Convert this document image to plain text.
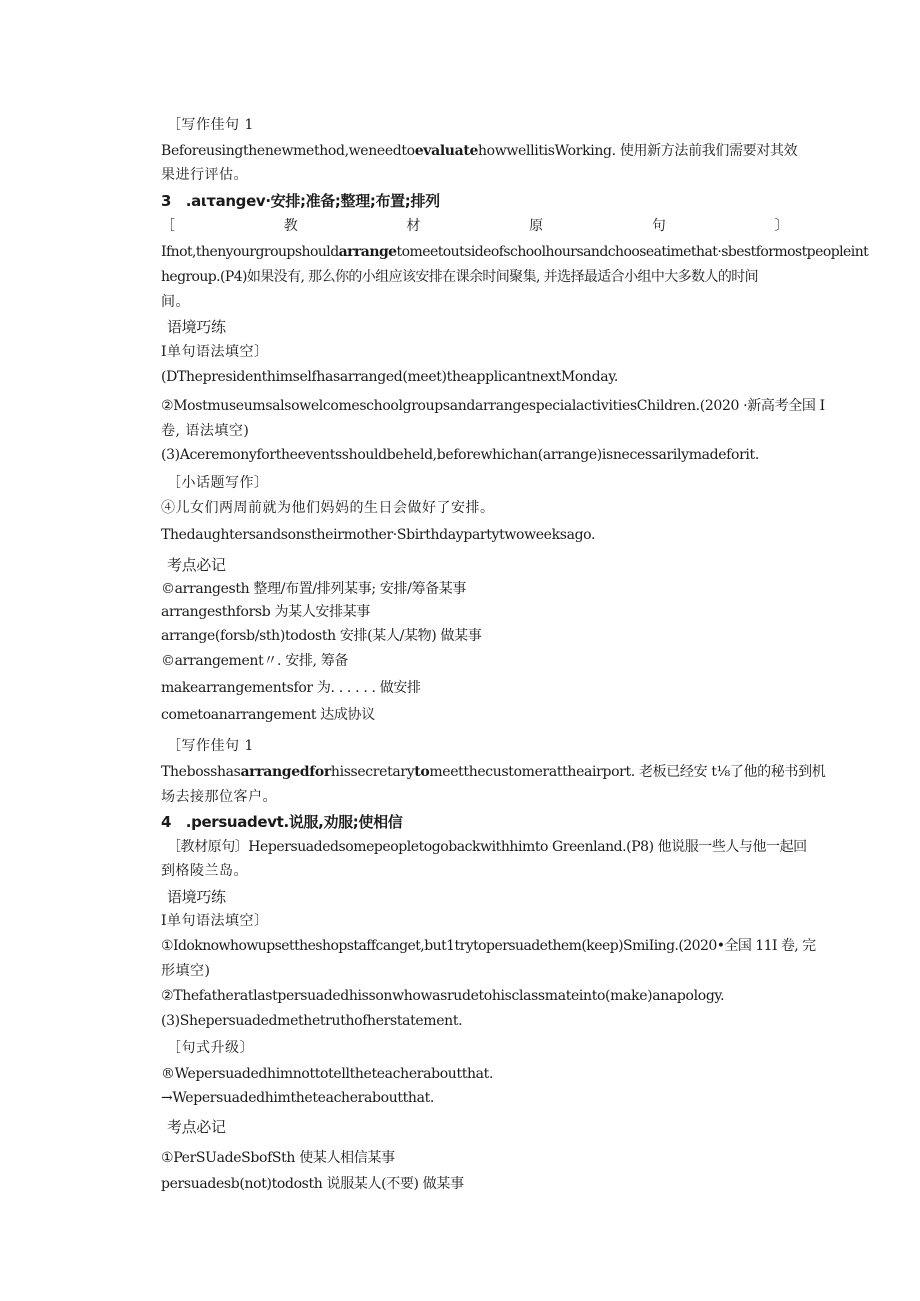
［写作佳句 1
Beforeusingthenewmethod,weneedtoevaluatehowwellitisWorking. 使用新方法前我们需要对其效
果进行评估。
3　.aιτangev·安排;准备;整理;布置;排列
［	教	材	原	句	〕
Ifnot,thenyourgroupshouldarrangetomeetoutsideofschoolhoursandchooseatimethat·sbestformostpeopleint
hegroup.(P4)如果没有, 那么你的小组应该安排在课余时间聚集, 并选择最适合小组中大多数人的时间
间。
语境巧练
I单句语法填空〕
(DThepresidenthimselfhasarranged(meet)theapplicantnextMonday.
②MostmuseumsalsowelcomeschoolgroupsandarrangespecialactivitiesChildren.(2020 ·新高考全国 I
卷, 语法填空)
(3)Aceremonyfortheeventsshouldbeheld,beforewhichan(arrange)isnecessarilymadeforit.
［小话题写作〕
④儿女们两周前就为他们妈妈的生日会做好了安排。
Thedaughtersandsonstheirmother·Sbirthdaypartytwoweeksago.
考点必记
©arrangesth 整理/布置/排列某事; 安排/筹备某事
arrangesthforsb 为某人安排某事
arrange(forsb∕sth)todosth 安排(某人/某物) 做某事
©arrangement〃. 安排, 筹备
makearrangementsfor 为. . . . . . 做安排
cometoanarrangement 达成协议
［写作佳句 1
Thebosshasarrangedforhissecretarytomeetthecustomerattheairport. 老板已经安 t⅛了他的秘书到机
场去接那位客户。
4　.persuadevt.说服,劝服;使相信
［教材原句〕Hepersuadedsomepeopletogobackwithhimto Greenland.(P8) 他说服一些人与他一起回
到格陵兰岛。
语境巧练
I单句语法填空〕
①Idoknowhowupsettheshopstaffcanget,but1trytopersuadethem(keep)SmiIing.(2020•全国 11I 卷, 完
形填空)
②Thefatheratlastpersuadedhissonwhowasrudetohisclassmateinto(make)anapology.
(3)Shepersuadedmethetruthofherstatement.
［句式升级〕
®Wepersuadedhimnottotelltheteacheraboutthat.
→Wepersuadedhimtheteacheraboutthat.
考点必记
①PerSUadeSbofSth 使某人相信某事
persuadesb(not)todosth 说服某人(不要) 做某事
